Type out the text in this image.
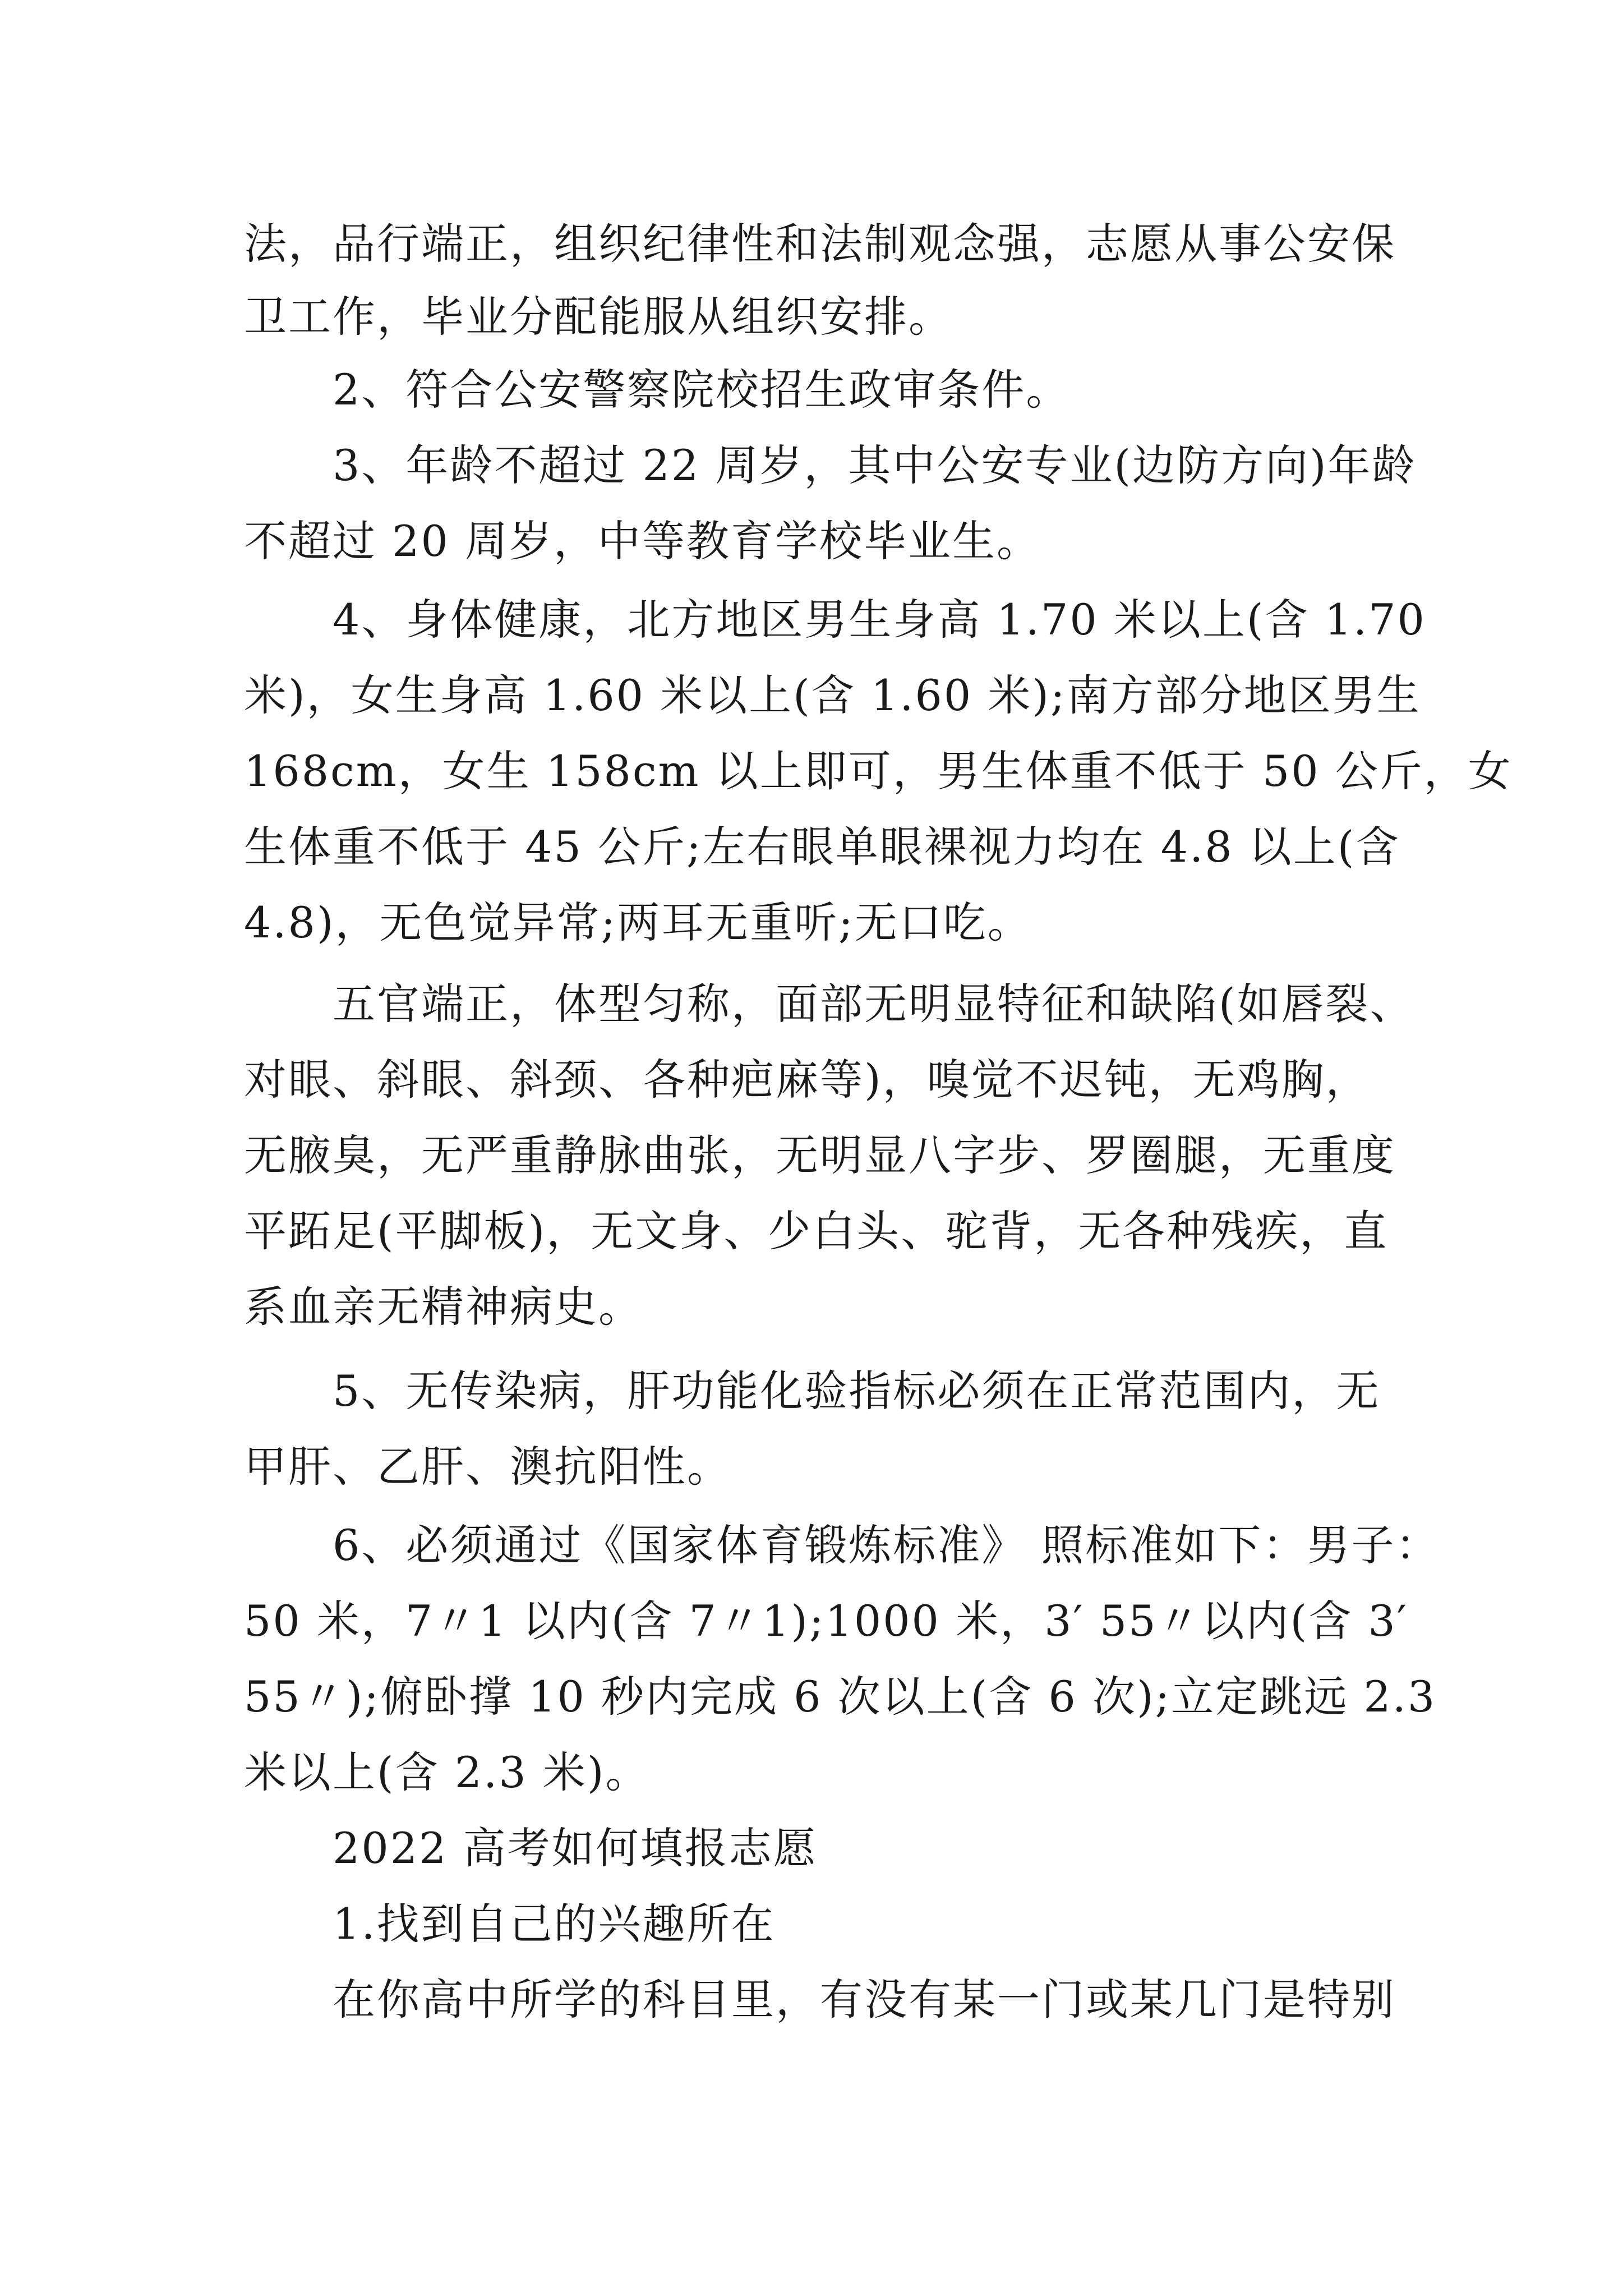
法，品行端正，组织纪律性和法制观念强，志愿从事公安保
卫工作，毕业分配能服从组织安排。
2、符合公安警察院校招生政审条件。
3、年龄不超过 22 周岁，其中公安专业(边防方向)年龄
不超过 20 周岁，中等教育学校毕业生。
4、身体健康，北方地区男生身高 1.70 米以上(含 1.70
米)，女生身高 1.60 米以上(含 1.60 米);南方部分地区男生
168cm，女生 158cm 以上即可，男生体重不低于 50 公斤，女
生体重不低于 45 公斤;左右眼单眼裸视力均在 4.8 以上(含
4.8)，无色觉异常;两耳无重听;无口吃。
五官端正，体型匀称，面部无明显特征和缺陷(如唇裂、
对眼、斜眼、斜颈、各种疤麻等)，嗅觉不迟钝，无鸡胸，
无腋臭，无严重静脉曲张，无明显八字步、罗圈腿，无重度
平跖足(平脚板)，无文身、少白头、驼背，无各种残疾，直
系血亲无精神病史。
5、无传染病，肝功能化验指标必须在正常范围内，无
甲肝、乙肝、澳抗阳性。
6、必须通过《国家体育锻炼标准》 照标准如下：男子：
50 米，7〃1 以内(含 7〃1);1000 米，3′ 55〃以内(含 3′
55〃);俯卧撑 10 秒内完成 6 次以上(含 6 次);立定跳远 2.3
米以上(含 2.3 米)。
2022 高考如何填报志愿
1.找到自己的兴趣所在
在你高中所学的科目里，有没有某一门或某几门是特别
